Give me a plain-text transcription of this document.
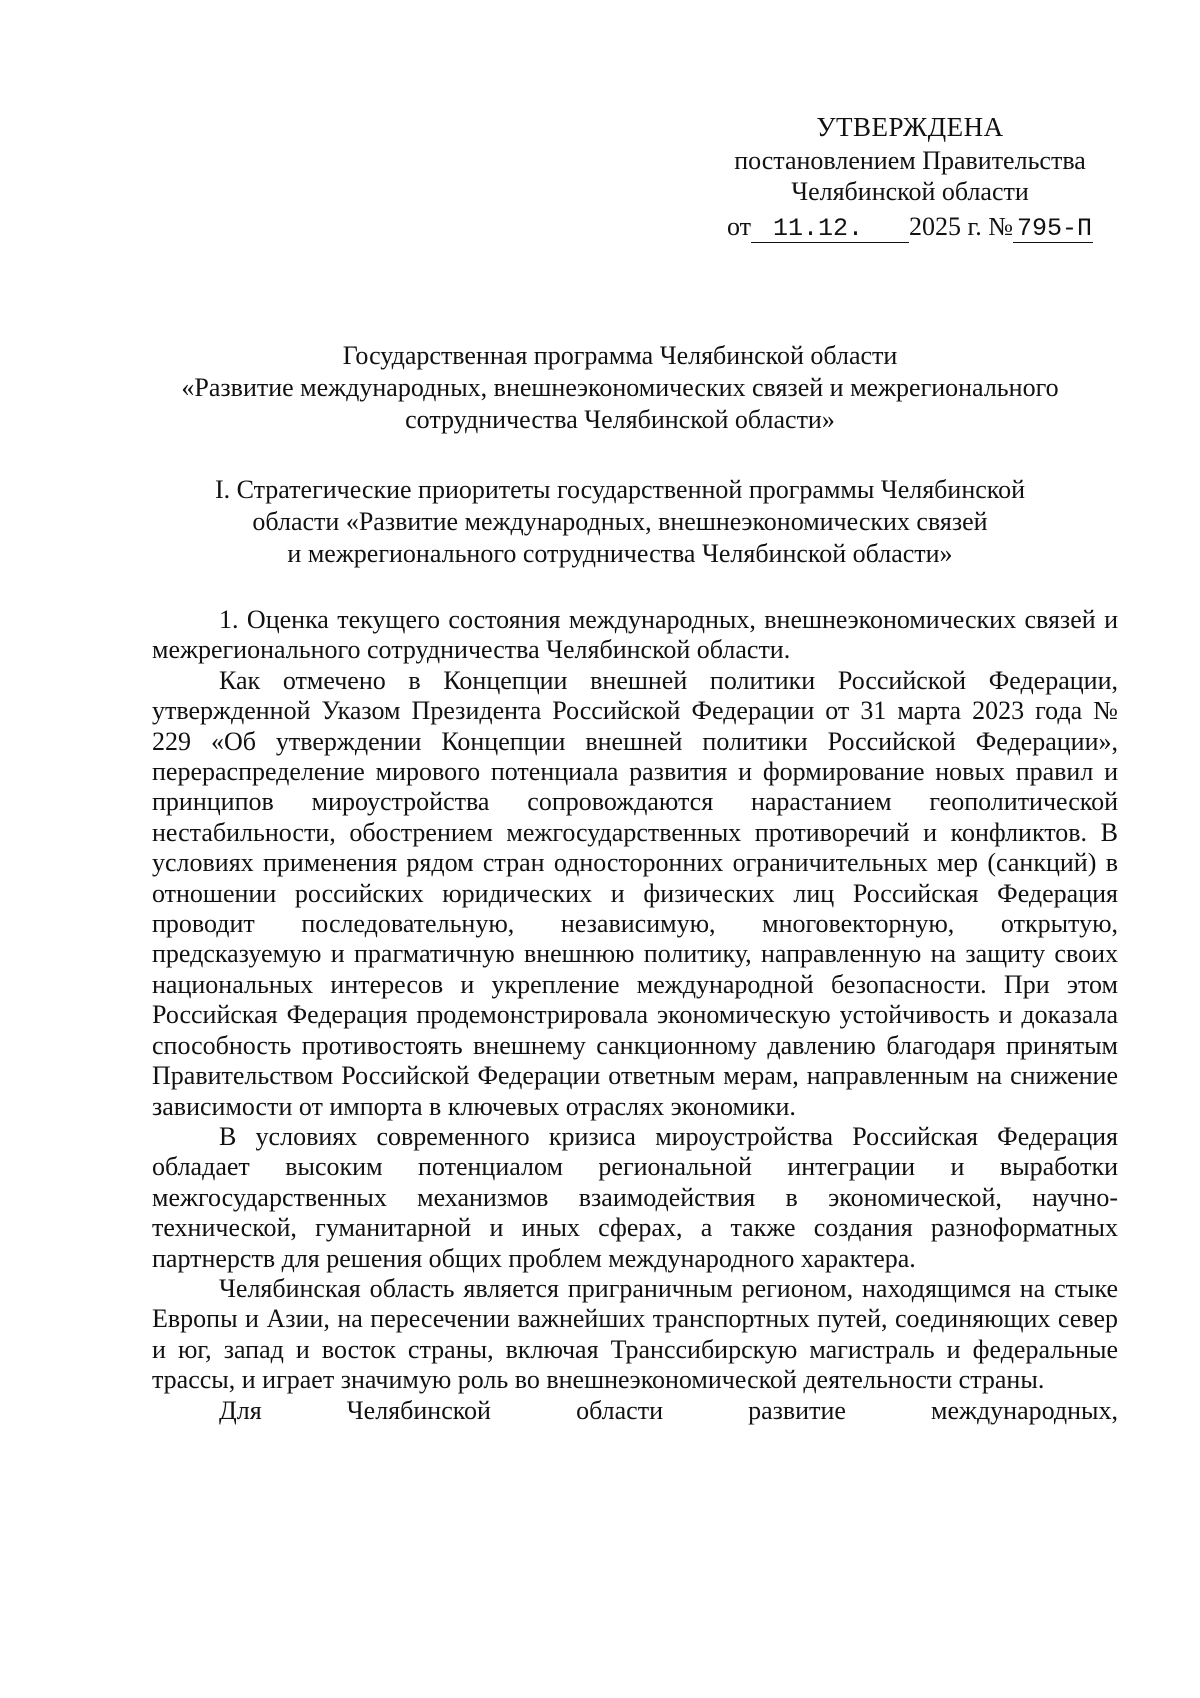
УТВЕРЖДЕНА
постановлением Правительства
Челябинской области
от 11.12. 2025 г. № 795-П
Государственная программа Челябинской области
«Развитие международных, внешнеэкономических связей и межрегионального
сотрудничества Челябинской области»
I. Стратегические приоритеты государственной программы Челябинской
области «Развитие международных, внешнеэкономических связей
и межрегионального сотрудничества Челябинской области»

1. Оценка текущего состояния международных, внешнеэкономических связей и межрегионального сотрудничества Челябинской области.

Как отмечено в Концепции внешней политики Российской Федерации, утвержденной Указом Президента Российской Федерации от 31 марта 2023 года № 229 «Об утверждении Концепции внешней политики Российской Федерации», перераспределение мирового потенциала развития и формирование новых правил и принципов мироустройства сопровождаются нарастанием геополитической нестабильности, обострением межгосударственных противоречий и конфликтов. В условиях применения рядом стран односторонних ограничительных мер (санкций) в отношении российских юридических и физических лиц Российская Федерация проводит последовательную, независимую, многовекторную, открытую, предсказуемую и прагматичную внешнюю политику, направленную на защиту своих национальных интересов и укрепление международной безопасности. При этом Российская Федерация продемонстрировала экономическую устойчивость и доказала способность противостоять внешнему санкционному давлению благодаря принятым Правительством Российской Федерации ответным мерам, направленным на снижение зависимости от импорта в ключевых отраслях экономики.

В условиях современного кризиса мироустройства Российская Федерация обладает высоким потенциалом региональной интеграции и выработки межгосударственных механизмов взаимодействия в экономической, научно-технической, гуманитарной и иных сферах, а также создания разноформатных партнерств для решения общих проблем международного характера.

Челябинская область является приграничным регионом, находящимся на стыке Европы и Азии, на пересечении важнейших транспортных путей, соединяющих север и юг, запад и восток страны, включая Транссибирскую магистраль и федеральные трассы, и играет значимую роль во внешнеэкономической деятельности страны.

Для Челябинской области развитие международных,
